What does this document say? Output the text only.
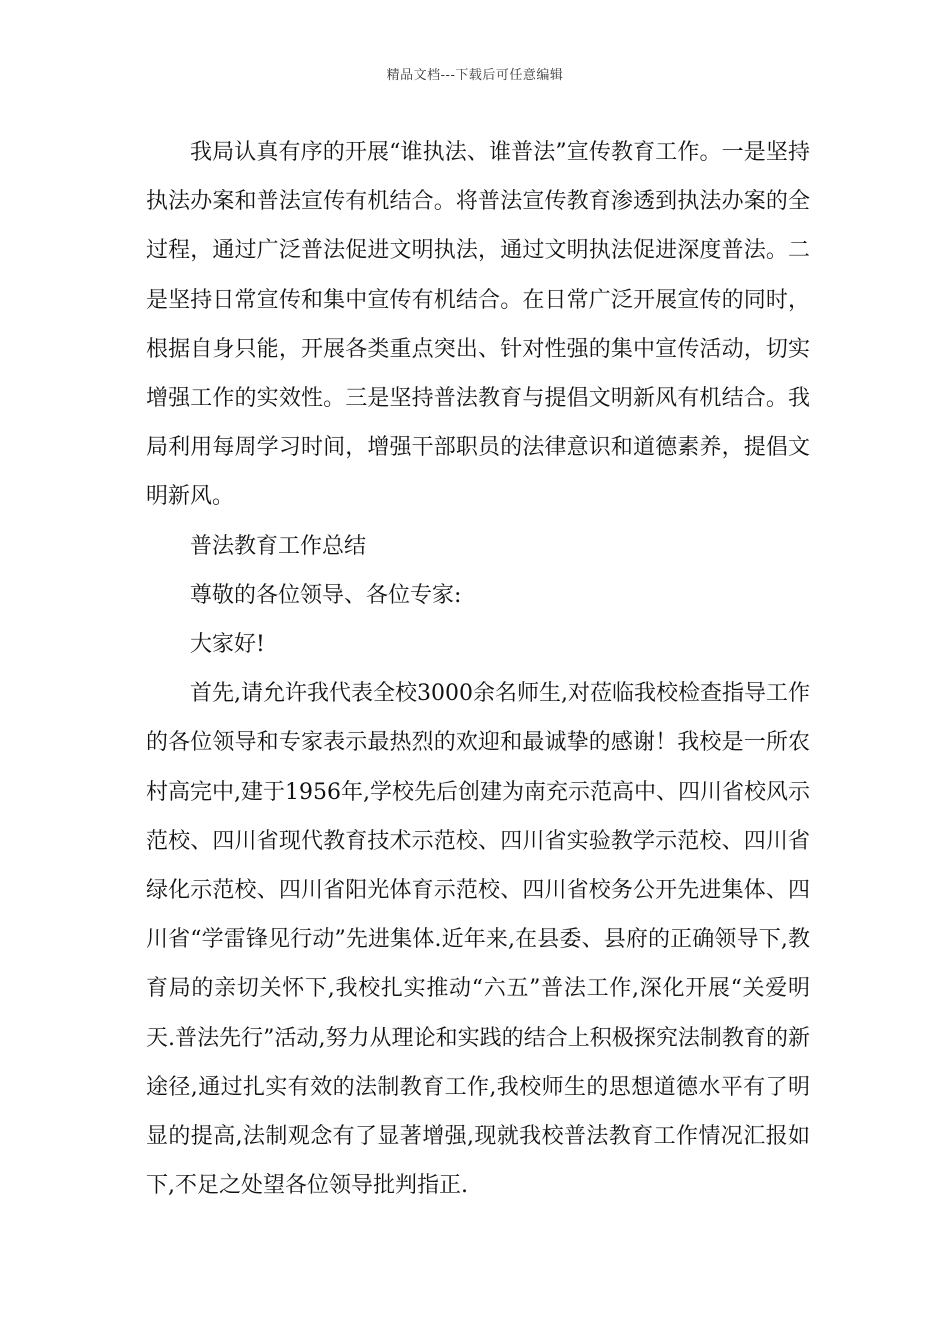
精品文档---下载后可任意编辑

我局认真有序的开展“谁执法、谁普法”宣传教育工作。一是坚持执法办案和普法宣传有机结合。将普法宣传教育渗透到执法办案的全过程，通过广泛普法促进文明执法，通过文明执法促进深度普法。二是坚持日常宣传和集中宣传有机结合。在日常广泛开展宣传的同时，根据自身只能，开展各类重点突出、针对性强的集中宣传活动，切实增强工作的实效性。三是坚持普法教育与提倡文明新风有机结合。我局利用每周学习时间，增强干部职员的法律意识和道德素养，提倡文明新风。

普法教育工作总结

尊敬的各位领导、各位专家:

大家好!

首先,请允许我代表全校3000余名师生,对莅临我校检查指导工作的各位领导和专家表示最热烈的欢迎和最诚挚的感谢！我校是一所农村高完中,建于1956年,学校先后创建为南充示范高中、四川省校风示范校、四川省现代教育技术示范校、四川省实验教学示范校、四川省绿化示范校、四川省阳光体育示范校、四川省校务公开先进集体、四川省“学雷锋见行动”先进集体.近年来,在县委、县府的正确领导下,教育局的亲切关怀下,我校扎实推动“六五”普法工作,深化开展“关爱明天.普法先行”活动,努力从理论和实践的结合上积极探究法制教育的新途径,通过扎实有效的法制教育工作,我校师生的思想道德水平有了明显的提高,法制观念有了显著增强,现就我校普法教育工作情况汇报如下,不足之处望各位领导批判指正.
